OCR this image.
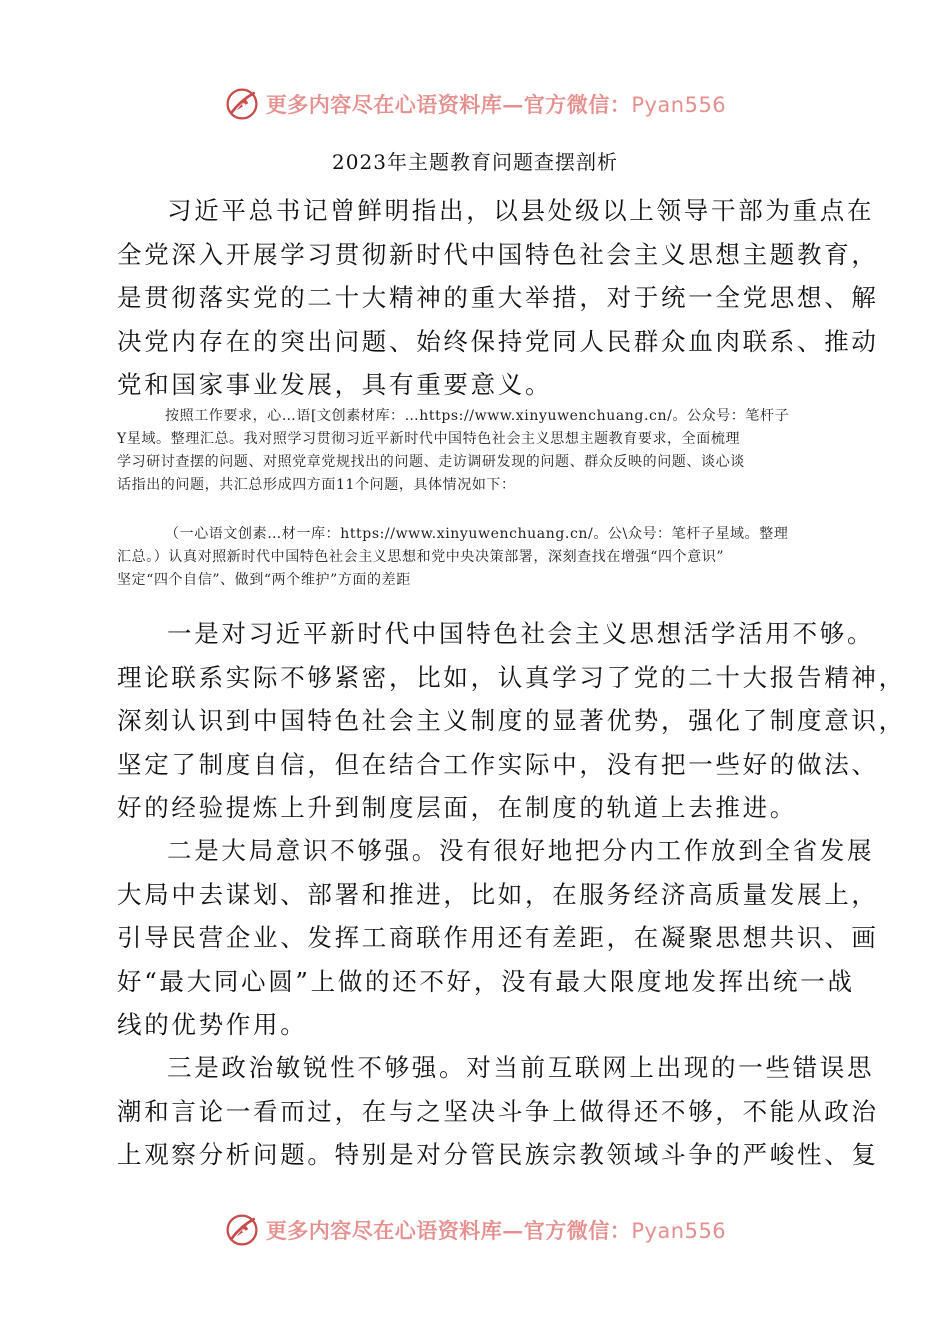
更多内容尽在心语资料库—官方微信：Pyan556
2023年主题教育问题查摆剖析
习近平总书记曾鲜明指出，以县处级以上领导干部为重点在
全党深入开展学习贯彻新时代中国特色社会主义思想主题教育，
是贯彻落实党的二十大精神的重大举措，对于统一全党思想、解
决党内存在的突出问题、始终保持党同人民群众血肉联系、推动
党和国家事业发展，具有重要意义。
按照工作要求，心…语[文创素材库：…https://www.xinyuwenchuang.cn/。公众号：笔杆子
Y星域。整理汇总。我对照学习贯彻习近平新时代中国特色社会主义思想主题教育要求，全面梳理
学习研讨查摆的问题、对照党章党规找出的问题、走访调研发现的问题、群众反映的问题、谈心谈
话指出的问题，共汇总形成四方面11个问题，具体情况如下：
（一心语文创素…材一库：https://www.xinyuwenchuang.cn/。公\众号：笔杆子星域。整理
汇总。）认真对照新时代中国特色社会主义思想和党中央决策部署，深刻查找在增强“四个意识”
坚定“四个自信”、做到“两个维护”方面的差距
一是对习近平新时代中国特色社会主义思想活学活用不够。
理论联系实际不够紧密，比如，认真学习了党的二十大报告精神，
深刻认识到中国特色社会主义制度的显著优势，强化了制度意识，
坚定了制度自信，但在结合工作实际中，没有把一些好的做法、
好的经验提炼上升到制度层面，在制度的轨道上去推进。
二是大局意识不够强。没有很好地把分内工作放到全省发展
大局中去谋划、部署和推进，比如，在服务经济高质量发展上，
引导民营企业、发挥工商联作用还有差距，在凝聚思想共识、画
好“最大同心圆”上做的还不好，没有最大限度地发挥出统一战
线的优势作用。
三是政治敏锐性不够强。对当前互联网上出现的一些错误思
潮和言论一看而过，在与之坚决斗争上做得还不够，不能从政治
上观察分析问题。特别是对分管民族宗教领域斗争的严峻性、复
更多内容尽在心语资料库—官方微信：Pyan556
